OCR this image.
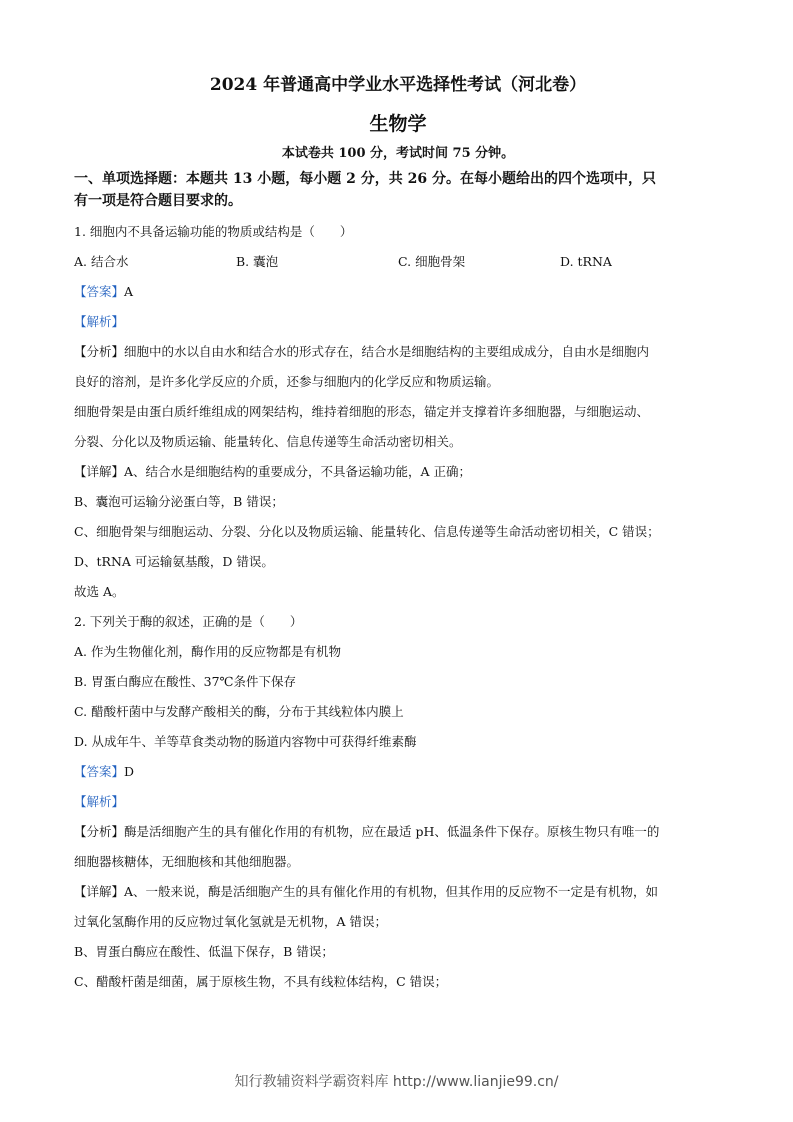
2024 年普通高中学业水平选择性考试（河北卷）
生物学
本试卷共 100 分，考试时间 75 分钟。
一、单项选择题：本题共 13 小题，每小题 2 分，共 26 分。在每小题给出的四个选项中，只
有一项是符合题目要求的。
1. 细胞内不具备运输功能的物质或结构是（　　）
A. 结合水	B. 囊泡	C. 细胞骨架	D. tRNA
【答案】A
【解析】
【分析】细胞中的水以自由水和结合水的形式存在，结合水是细胞结构的主要组成成分，自由水是细胞内
良好的溶剂，是许多化学反应的介质，还参与细胞内的化学反应和物质运输。
细胞骨架是由蛋白质纤维组成的网架结构，维持着细胞的形态，锚定并支撑着许多细胞器，与细胞运动、
分裂、分化以及物质运输、能量转化、信息传递等生命活动密切相关。
【详解】A、结合水是细胞结构的重要成分，不具备运输功能，A 正确；
B、囊泡可运输分泌蛋白等，B 错误；
C、细胞骨架与细胞运动、分裂、分化以及物质运输、能量转化、信息传递等生命活动密切相关，C 错误；
D、tRNA 可运输氨基酸，D 错误。
故选 A。
2. 下列关于酶的叙述，正确的是（　　）
A. 作为生物催化剂，酶作用的反应物都是有机物
B. 胃蛋白酶应在酸性、37℃条件下保存
C. 醋酸杆菌中与发酵产酸相关的酶，分布于其线粒体内膜上
D. 从成年牛、羊等草食类动物的肠道内容物中可获得纤维素酶
【答案】D
【解析】
【分析】酶是活细胞产生的具有催化作用的有机物，应在最适 pH、低温条件下保存。原核生物只有唯一的
细胞器核糖体，无细胞核和其他细胞器。
【详解】A、一般来说，酶是活细胞产生的具有催化作用的有机物，但其作用的反应物不一定是有机物，如
过氧化氢酶作用的反应物过氧化氢就是无机物，A 错误；
B、胃蛋白酶应在酸性、低温下保存，B 错误；
C、醋酸杆菌是细菌，属于原核生物，不具有线粒体结构，C 错误；
知行教辅资料学霸资料库 http://www.lianjie99.cn/
